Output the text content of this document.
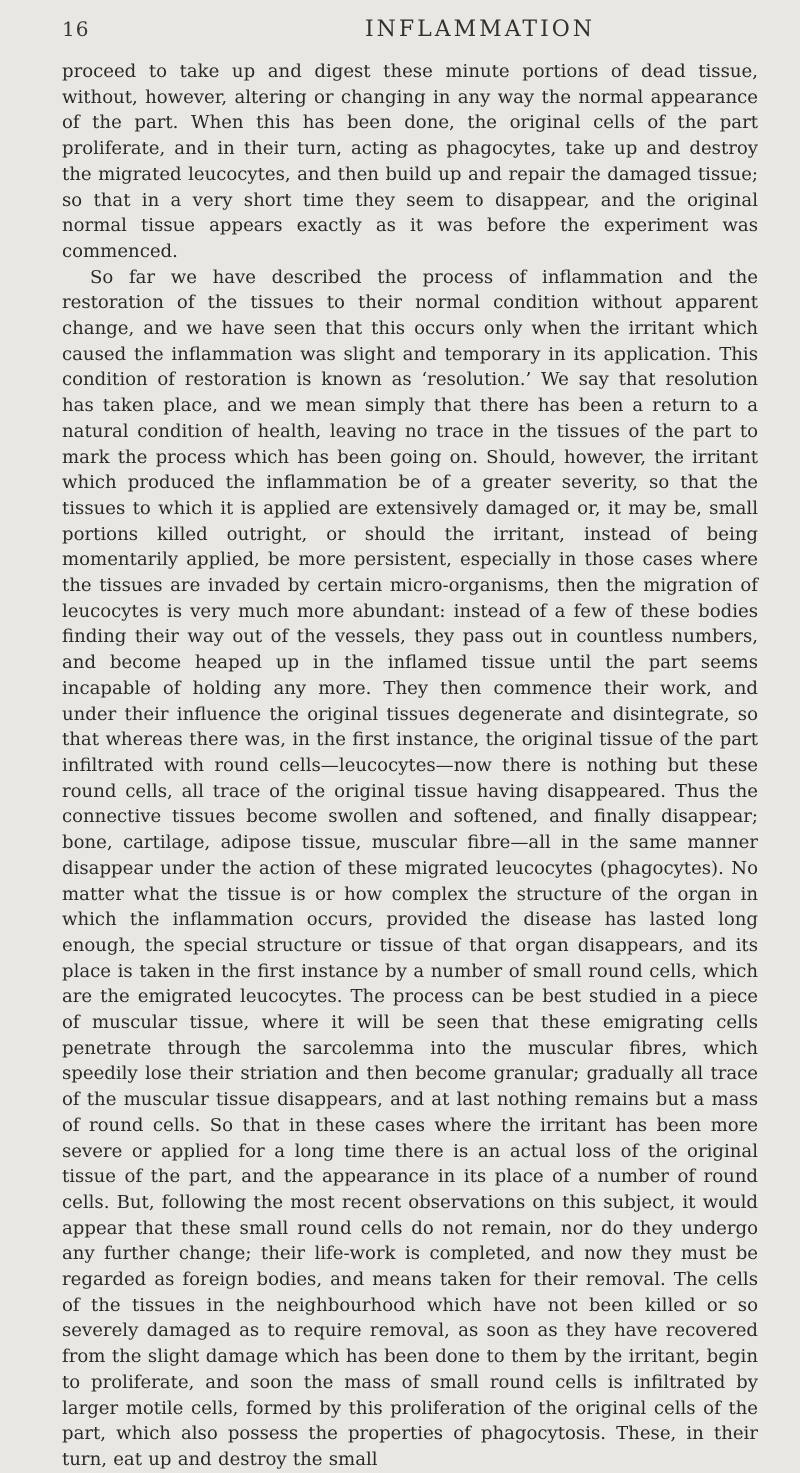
16	INFLAMMATION

proceed to take up and digest these minute portions of dead tissue, without, however, altering or changing in any way the normal appearance of the part. When this has been done, the original cells of the part proliferate, and in their turn, acting as phagocytes, take up and destroy the migrated leucocytes, and then build up and repair the damaged tissue; so that in a very short time they seem to disappear, and the original normal tissue appears exactly as it was before the experiment was commenced.

So far we have described the process of inflammation and the restoration of the tissues to their normal condition without apparent change, and we have seen that this occurs only when the irritant which caused the inflammation was slight and temporary in its application. This condition of restoration is known as ‘resolution.’ We say that resolution has taken place, and we mean simply that there has been a return to a natural condition of health, leaving no trace in the tissues of the part to mark the process which has been going on. Should, however, the irritant which produced the inflammation be of a greater severity, so that the tissues to which it is applied are extensively damaged or, it may be, small portions killed outright, or should the irritant, instead of being momentarily applied, be more persistent, especially in those cases where the tissues are invaded by certain micro-organisms, then the migration of leucocytes is very much more abundant: instead of a few of these bodies finding their way out of the vessels, they pass out in countless numbers, and become heaped up in the inflamed tissue until the part seems incapable of holding any more. They then commence their work, and under their influence the original tissues degenerate and disintegrate, so that whereas there was, in the first instance, the original tissue of the part infiltrated with round cells—leucocytes—now there is nothing but these round cells, all trace of the original tissue having disappeared. Thus the connective tissues become swollen and softened, and finally disappear; bone, cartilage, adipose tissue, muscular fibre—all in the same manner disappear under the action of these migrated leucocytes (phagocytes). No matter what the tissue is or how complex the structure of the organ in which the inflammation occurs, provided the disease has lasted long enough, the special structure or tissue of that organ disappears, and its place is taken in the first instance by a number of small round cells, which are the emigrated leucocytes. The process can be best studied in a piece of muscular tissue, where it will be seen that these emigrating cells penetrate through the sarcolemma into the muscular fibres, which speedily lose their striation and then become granular; gradually all trace of the muscular tissue disappears, and at last nothing remains but a mass of round cells. So that in these cases where the irritant has been more severe or applied for a long time there is an actual loss of the original tissue of the part, and the appearance in its place of a number of round cells. But, following the most recent observations on this subject, it would appear that these small round cells do not remain, nor do they undergo any further change; their life-work is completed, and now they must be regarded as foreign bodies, and means taken for their removal. The cells of the tissues in the neighbourhood which have not been killed or so severely damaged as to require removal, as soon as they have recovered from the slight damage which has been done to them by the irritant, begin to proliferate, and soon the mass of small round cells is infiltrated by larger motile cells, formed by this proliferation of the original cells of the part, which also possess the properties of phagocytosis. These, in their turn, eat up and destroy the small
